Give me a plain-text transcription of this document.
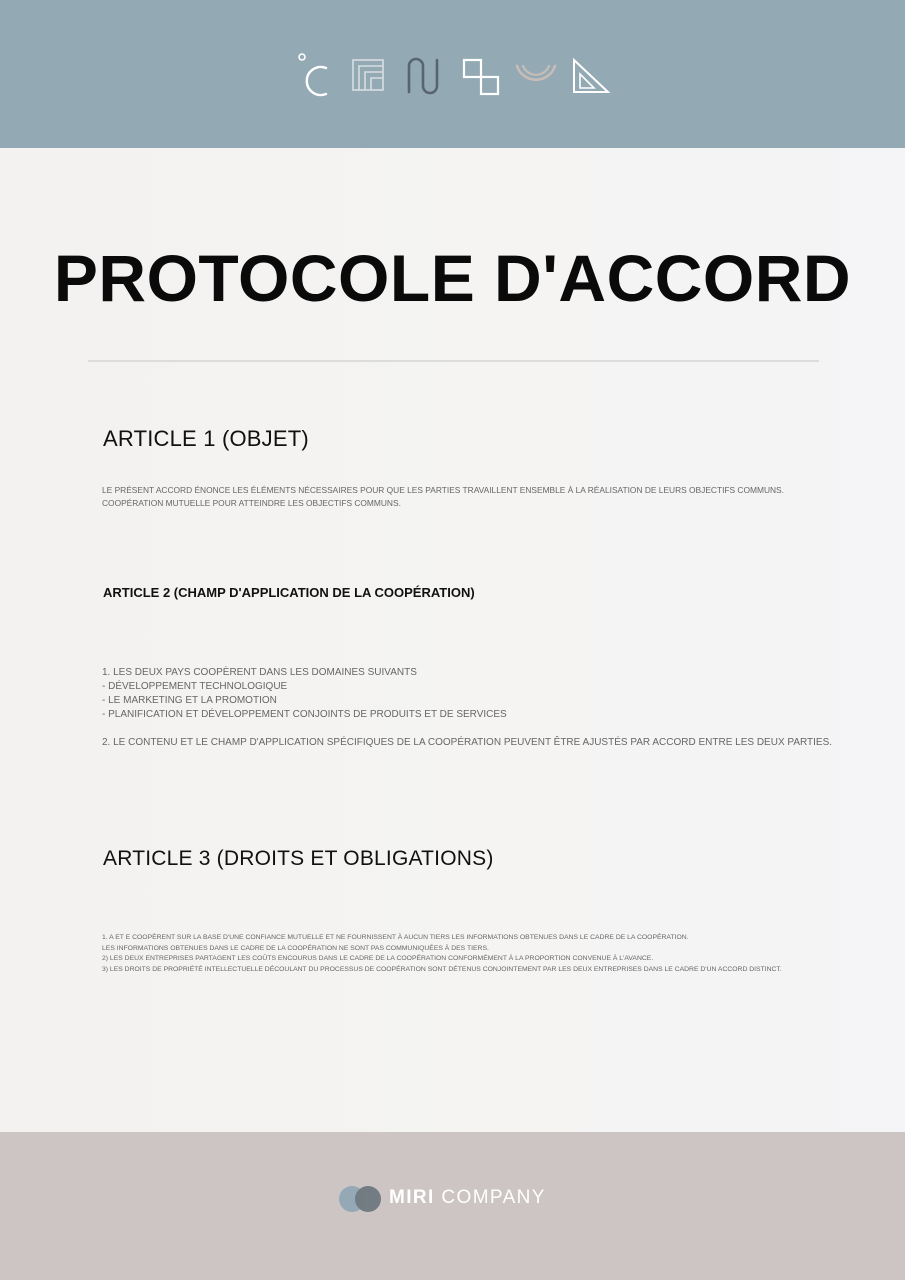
PROTOCOLE D'ACCORD
ARTICLE 1 (OBJET)
LE PRÉSENT ACCORD ÉNONCE LES ÉLÉMENTS NÉCESSAIRES POUR QUE LES PARTIES TRAVAILLENT ENSEMBLE À LA RÉALISATION DE LEURS OBJECTIFS COMMUNS.
COOPÉRATION MUTUELLE POUR ATTEINDRE LES OBJECTIFS COMMUNS.
ARTICLE 2 (CHAMP D'APPLICATION DE LA COOPÉRATION)
1. LES DEUX PAYS COOPÈRENT DANS LES DOMAINES SUIVANTS
- DÉVELOPPEMENT TECHNOLOGIQUE
- LE MARKETING ET LA PROMOTION
- PLANIFICATION ET DÉVELOPPEMENT CONJOINTS DE PRODUITS ET DE SERVICES
2. LE CONTENU ET LE CHAMP D'APPLICATION SPÉCIFIQUES DE LA COOPÉRATION PEUVENT ÊTRE AJUSTÉS PAR ACCORD ENTRE LES DEUX PARTIES.
ARTICLE 3 (DROITS ET OBLIGATIONS)
1. A ET E COOPÈRENT SUR LA BASE D'UNE CONFIANCE MUTUELLE ET NE FOURNISSENT À AUCUN TIERS LES INFORMATIONS OBTENUES DANS LE CADRE DE LA COOPÉRATION.
LES INFORMATIONS OBTENUES DANS LE CADRE DE LA COOPÉRATION NE SONT PAS COMMUNIQUÉES À DES TIERS.
2) LES DEUX ENTREPRISES PARTAGENT LES COÛTS ENCOURUS DANS LE CADRE DE LA COOPÉRATION CONFORMÉMENT À LA PROPORTION CONVENUE À L'AVANCE.
3) LES DROITS DE PROPRIÉTÉ INTELLECTUELLE DÉCOULANT DU PROCESSUS DE COOPÉRATION SONT DÉTENUS CONJOINTEMENT PAR LES DEUX ENTREPRISES DANS LE CADRE D'UN ACCORD DISTINCT.
MIRI COMPANY
